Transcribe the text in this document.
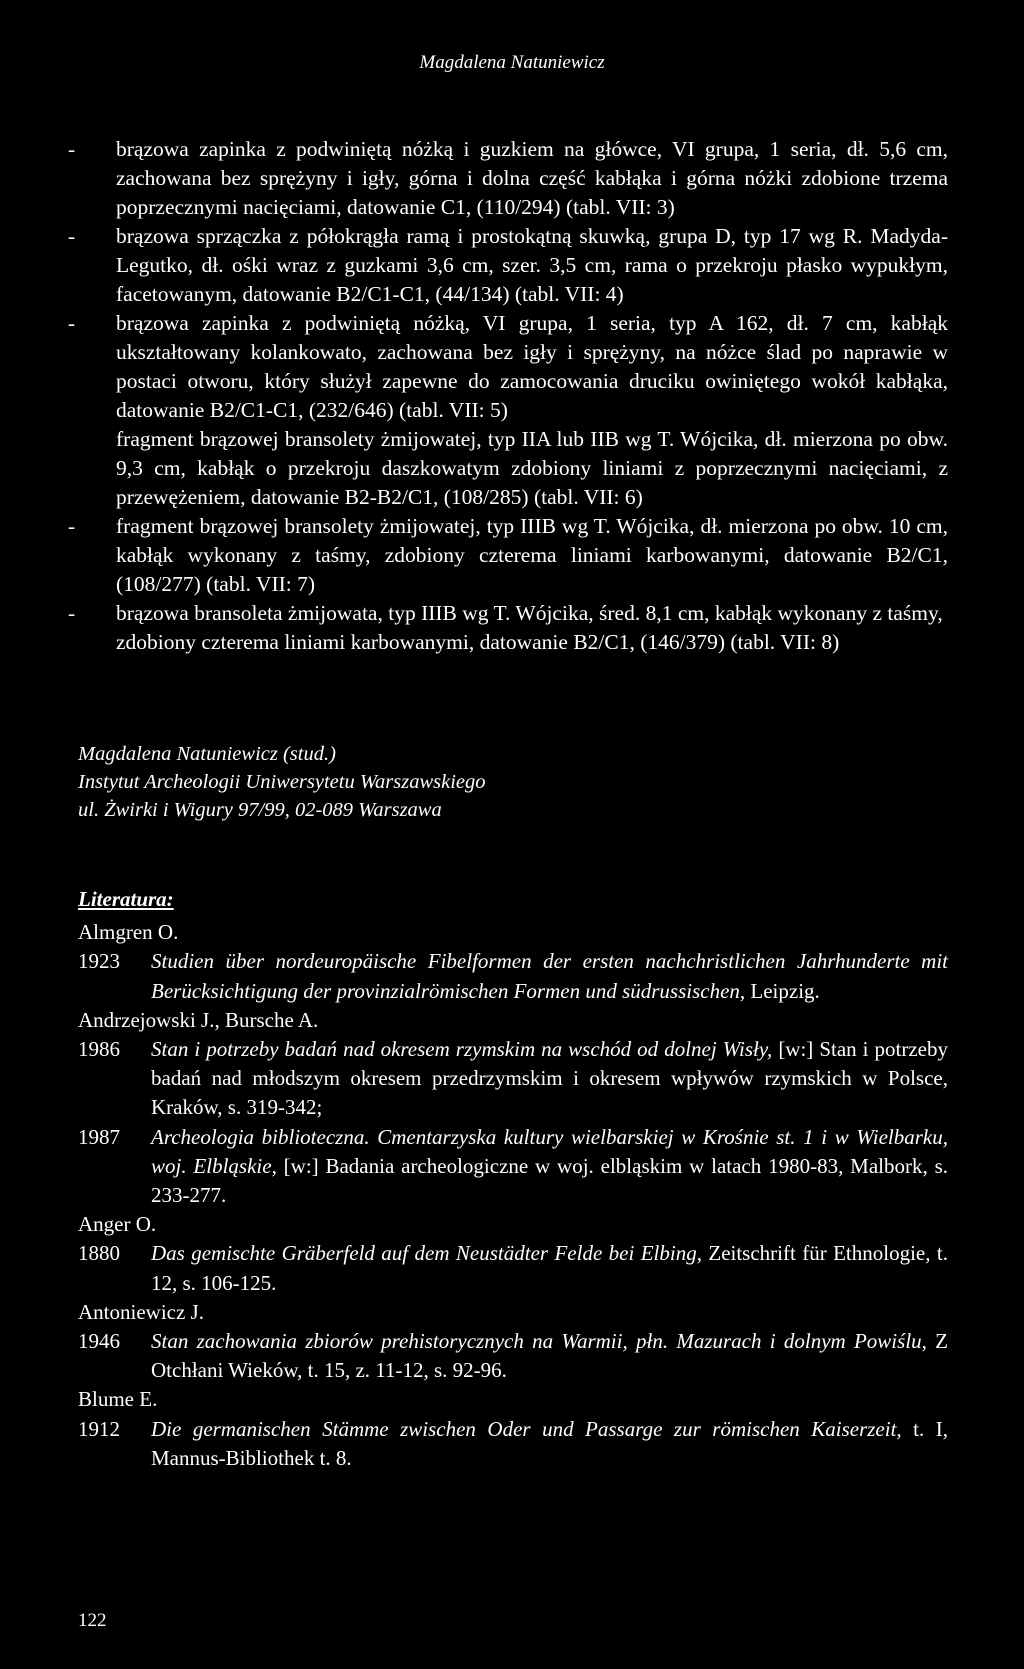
Magdalena Natuniewicz

- brązowa zapinka z podwiniętą nóżką i guzkiem na główce, VI grupa, 1 seria, dł. 5,6 cm, zachowana bez sprężyny i igły, górna i dolna część kabłąka i górna nóżki zdobione trzema poprzecznymi nacięciami, datowanie C1, (110/294) (tabl. VII: 3)

- brązowa sprzączka z półokrągła ramą i prostokątną skuwką, grupa D, typ 17 wg R. Madyda-Legutko, dł. ośki wraz z guzkami 3,6 cm, szer. 3,5 cm, rama o przekroju płasko wypukłym, facetowanym, datowanie B2/C1-C1, (44/134) (tabl. VII: 4)

- brązowa zapinka z podwiniętą nóżką, VI grupa, 1 seria, typ A 162, dł. 7 cm, kabłąk ukształtowany kolankowato, zachowana bez igły i sprężyny, na nóżce ślad po naprawie w postaci otworu, który służył zapewne do zamocowania druciku owiniętego wokół kabłąka, datowanie B2/C1-C1, (232/646) (tabl. VII: 5)

fragment brązowej bransolety żmijowatej, typ IIA lub IIB wg T. Wójcika, dł. mierzona po obw. 9,3 cm, kabłąk o przekroju daszkowatym zdobiony liniami z poprzecznymi nacięciami, z przewężeniem, datowanie B2-B2/C1, (108/285) (tabl. VII: 6)

- fragment brązowej bransolety żmijowatej, typ IIIB wg T. Wójcika, dł. mierzona po obw. 10 cm, kabłąk wykonany z taśmy, zdobiony czterema liniami karbowanymi, datowanie B2/C1, (108/277) (tabl. VII: 7)

- brązowa bransoleta żmijowata, typ IIIB wg T. Wójcika, śred. 8,1 cm, kabłąk wykonany z taśmy,

zdobiony czterema liniami karbowanymi, datowanie B2/C1, (146/379) (tabl. VII: 8)

Magdalena Natuniewicz (stud.)
Instytut Archeologii Uniwersytetu Warszawskiego
ul. Żwirki i Wigury 97/99, 02-089 Warszawa
Literatura:

Almgren O.

1923 Studien über nordeuropäische Fibelformen der ersten nachchristlichen Jahrhunderte mit Berücksichtigung der provinzialrömischen Formen und südrussischen, Leipzig.

Andrzejowski J., Bursche A.

1986 Stan i potrzeby badań nad okresem rzymskim na wschód od dolnej Wisły, [w:] Stan i potrzeby badań nad młodszym okresem przedrzymskim i okresem wpływów rzymskich w Polsce, Kraków, s. 319-342;

1987 Archeologia biblioteczna. Cmentarzyska kultury wielbarskiej w Krośnie st. 1 i w Wielbarku, woj. Elbląskie, [w:] Badania archeologiczne w woj. elbląskim w latach 1980-83, Malbork, s. 233-277.

Anger O.

1880 Das gemischte Gräberfeld auf dem Neustädter Felde bei Elbing, Zeitschrift für Ethnologie, t. 12, s. 106-125.

Antoniewicz J.

1946 Stan zachowania zbiorów prehistorycznych na Warmii, płn. Mazurach i dolnym Powiślu, Z Otchłani Wieków, t. 15, z. 11-12, s. 92-96.

Blume E.

1912 Die germanischen Stämme zwischen Oder und Passarge zur römischen Kaiserzeit, t. I, Mannus-Bibliothek t. 8.

122
